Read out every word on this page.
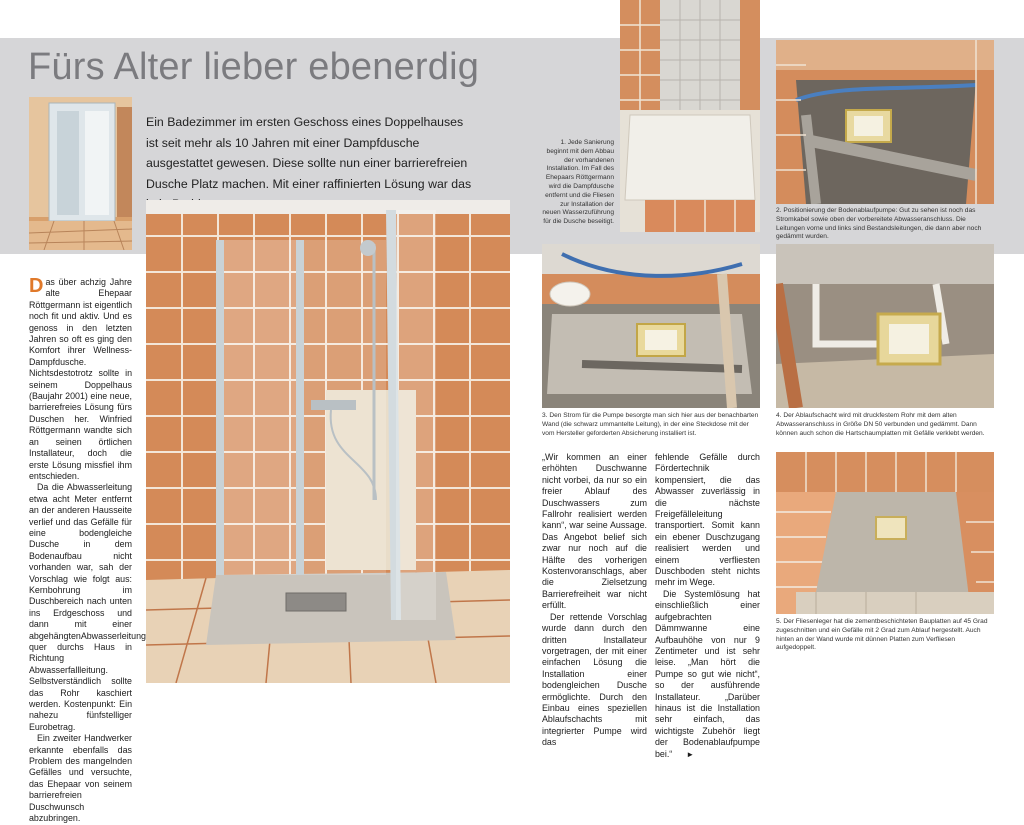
Fürs Alter lieber ebenerdig

Ein Badezimmer im ersten Geschoss eines Doppelhauses ist seit mehr als 10 Jahren mit einer Dampfdusche ausgestattet gewesen. Diese sollte nun einer barrierefreien Dusche Platz machen. Mit einer raffinierten Lösung war das

Das über achzig Jahre alte Ehepaar Röttgermann ist eigentlich noch fit und aktiv. Und es genoss in den letzten Jahren so oft es ging den Komfort ihrer Wellness-Dampfdusche. Nichtsdestotrotz sollte in seinem Doppelhaus (Baujahr 2001) eine neue, barrierefreies Lösung fürs Duschen her. Winfried Röttgermann wandte sich an seinen örtlichen Installateur, doch die erste Lösung missfiel ihm entschieden.

Da die Abwasserleitung etwa acht Meter entfernt an der anderen Hausseite verlief und das Gefälle für eine bodengleiche Dusche in dem Bodenaufbau nicht vorhanden war, sah der Vorschlag wie folgt aus: Kernbohrung im Duschbereich nach unten ins Erdgeschoss und dann mit einer abgehängtenAbwasserleitung quer durchs Haus in Richtung Abwasserfallleitung. Selbstverständlich sollte das Rohr kaschiert werden. Kostenpunkt: Ein nahezu fünfstelliger Eurobetrag.

Ein zweiter Handwerker erkannte ebenfalls das Problem des mangelnden Gefälles und versuchte, das Ehepaar von seinem barrierefreien Duschwunsch abzubringen.

1. Jede Sanierung beginnt mit dem Abbau der vorhandenen Installation. Im Fall des Ehepaars Röttgermann wird die Dampfdusche entfernt und die Fliesen zur Installation der neuen Wasserzuführung für die Dusche beseitigt.

2. Positionierung der Bodenablaufpumpe: Gut zu sehen ist noch das Stromkabel sowie oben der vorbereitete Abwasseranschluss. Die Leitungen vorne und links sind Bestandsleitungen, die dann aber noch gedämmt wurden.

3. Den Strom für die Pumpe besorgte man sich hier aus der benachbarten Wand (die schwarz ummantelte Leitung), in der eine Steckdose mit der vom Hersteller geforderten Absicherung installiert ist.

4. Der Ablaufschacht wird mit druckfestem Rohr mit dem alten Abwasseranschluss in Größe DN 50 verbunden und gedämmt. Dann können auch schon die Hartschaumplatten mit Gefälle verklebt werden.

„Wir kommen an einer erhöhten Duschwanne nicht vorbei, da nur so ein freier Ablauf des Duschwassers zum Fallrohr realisiert werden kann“, war seine Aussage. Das Angebot belief sich zwar nur noch auf die Hälfte des vorherigen Kostenvoranschlags, aber die Zielsetzung Barrierefreiheit war nicht erfüllt.

Der rettende Vorschlag wurde dann durch den dritten Installateur vorgetragen, der mit einer einfachen Lösung die Installation einer bodengleichen Dusche ermöglichte. Durch den Einbau eines speziellen Ablaufschachts mit integrierter Pumpe wird das

fehlende Gefälle durch Fördertechnik kompensiert, die das Abwasser zuverlässig in die nächste Freigefälleleitung transportiert. Somit kann ein ebener Duschzugang realisiert werden und einem verfliesten Duschboden steht nichts mehr im Wege.

Die Systemlösung hat einschließlich einer aufgebrachten Dämmwanne eine Aufbauhöhe von nur 9 Zentimeter und ist sehr leise. „Man hört die Pumpe so gut wie nicht“, so der ausführende Installateur. „Darüber hinaus ist die Installation sehr einfach, das wichtigste Zubehör liegt der Bodenablaufpumpe bei.“ ►

5. Der Fliesenleger hat die zementbeschichteten Bauplatten auf 45 Grad zugeschnitten und ein Gefälle mit 2 Grad zum Ablauf hergestellt. Auch hinten an der Wand wurde mit dünnen Platten zum Verfliesen aufgedoppelt.
